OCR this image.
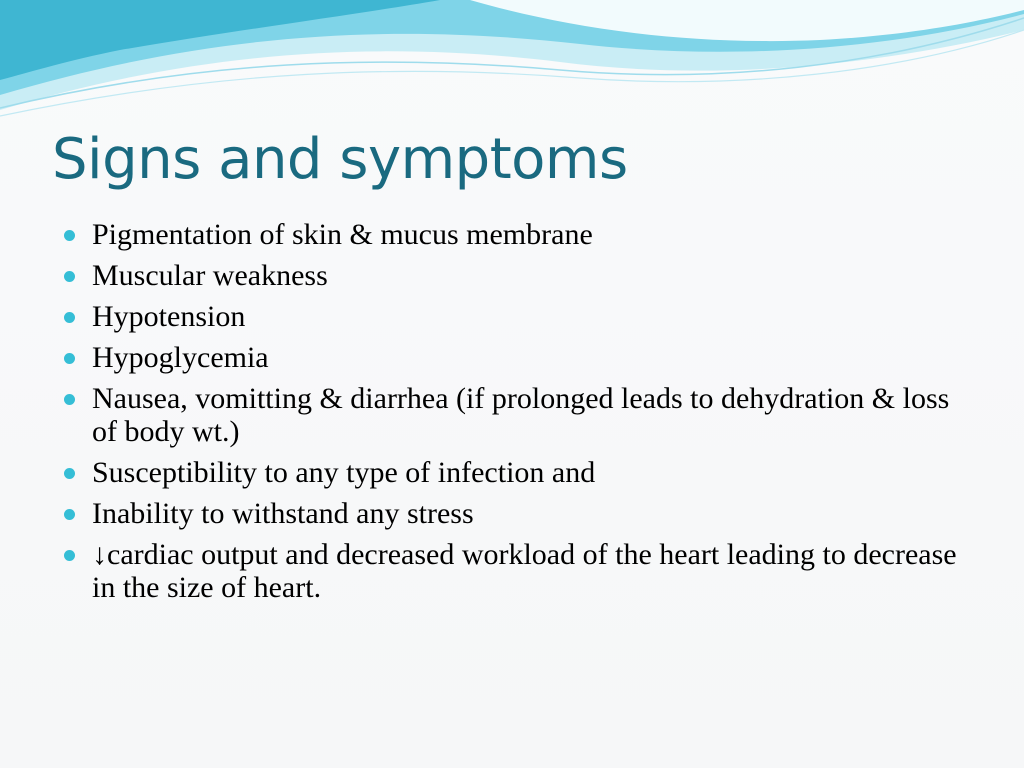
Signs and symptoms
Pigmentation of skin & mucus membrane
Muscular weakness
Hypotension
Hypoglycemia
Nausea, vomitting & diarrhea (if prolonged leads to dehydration & loss of body wt.)
Susceptibility to any type of infection and
Inability to withstand any stress
↓cardiac output and decreased workload of the heart leading to decrease in the size of heart.
